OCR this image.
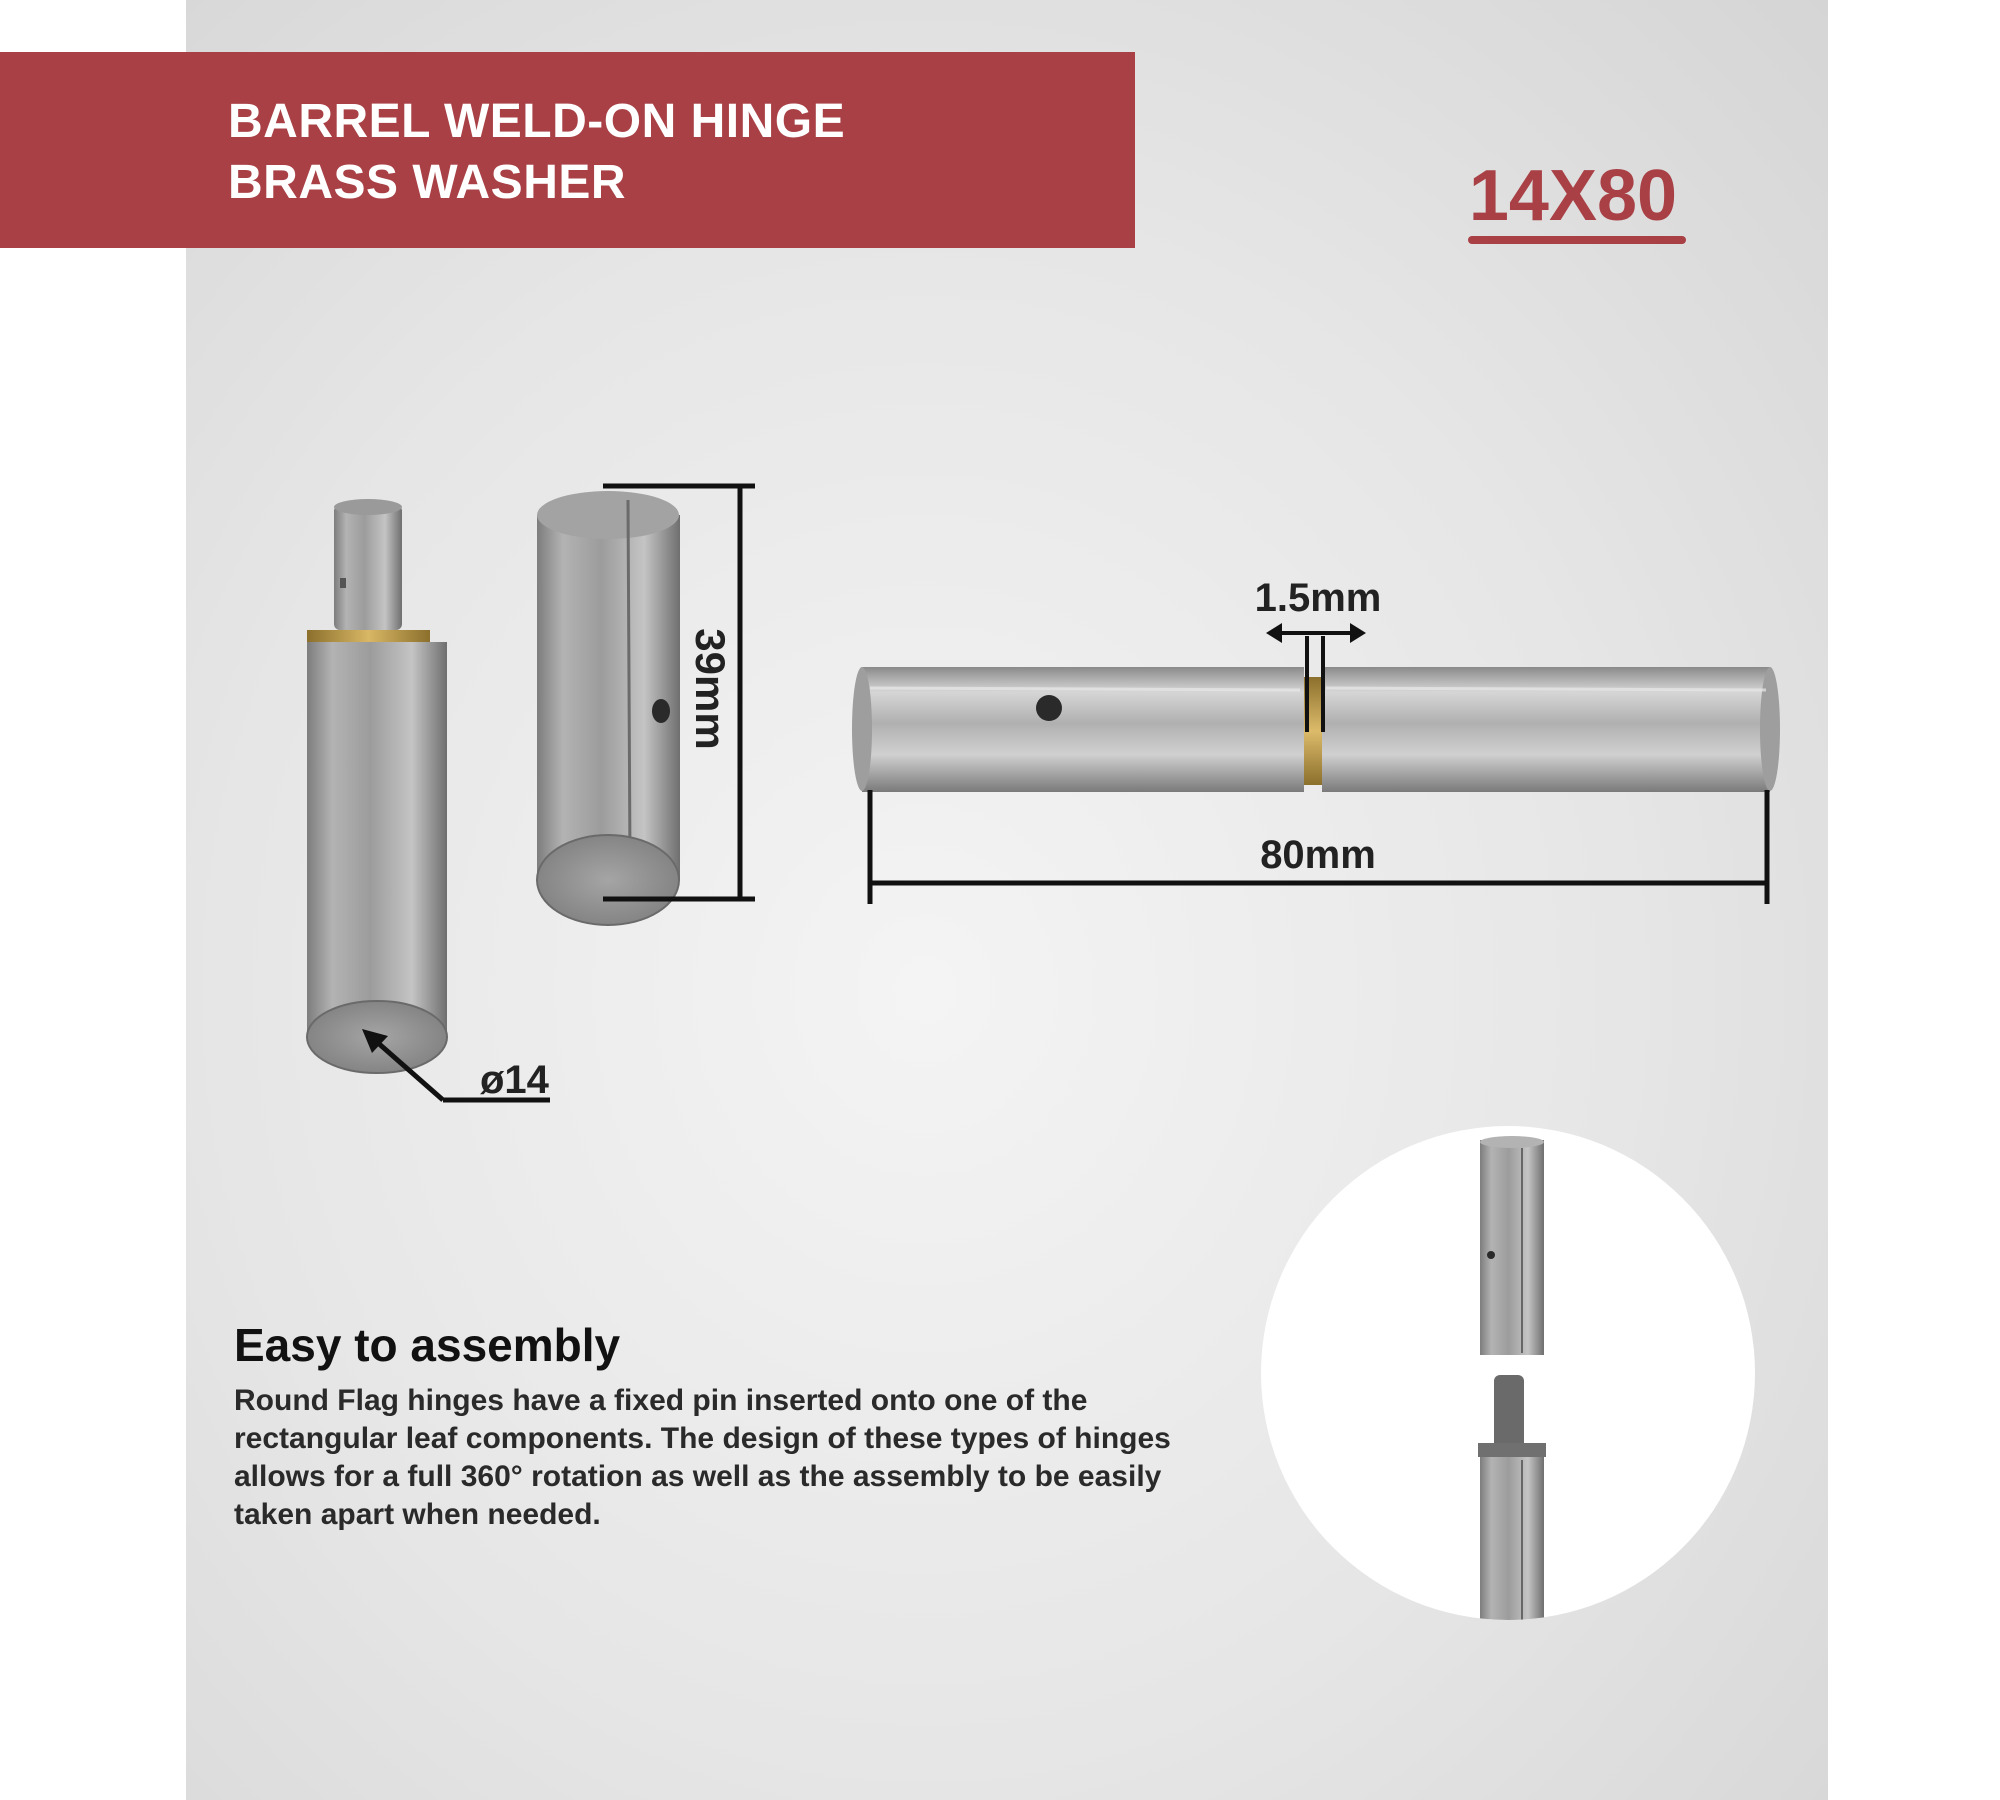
BARREL WELD-ON HINGE
BRASS WASHER	14X80
39mm
ø14
1.5mm
80mm
Easy to assembly
Round Flag hinges have a fixed pin inserted onto one of the rectangular leaf components. The design of these types of hinges allows for a full 360° rotation as well as the assembly to be easily taken apart when needed.
